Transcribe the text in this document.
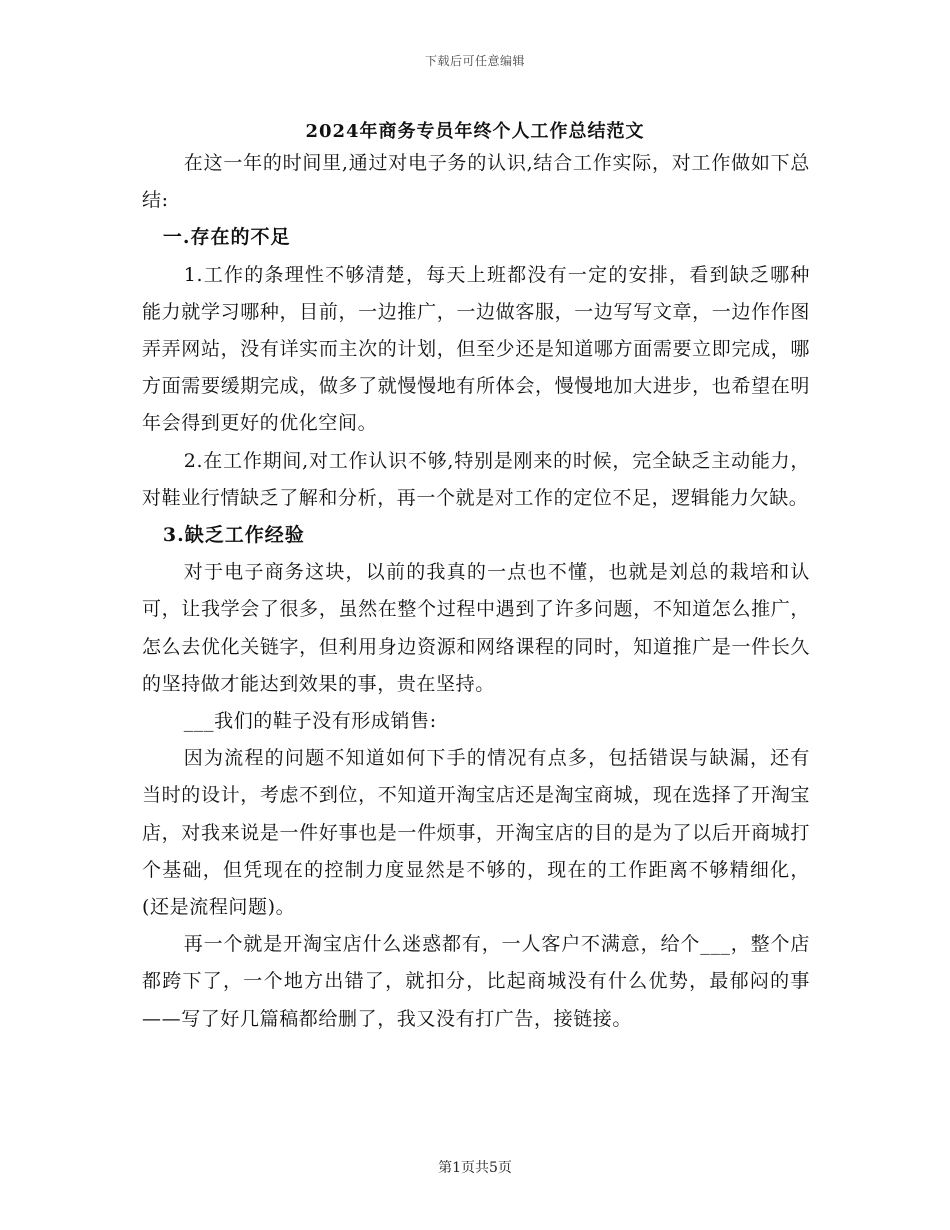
下载后可任意编辑
2024年商务专员年终个人工作总结范文

在这一年的时间里,通过对电子务的认识,结合工作实际，对工作做如下总结:

一.存在的不足

1.工作的条理性不够清楚，每天上班都没有一定的安排，看到缺乏哪种能力就学习哪种，目前，一边推广，一边做客服，一边写写文章，一边作作图弄弄网站，没有详实而主次的计划，但至少还是知道哪方面需要立即完成，哪方面需要缓期完成，做多了就慢慢地有所体会，慢慢地加大进步，也希望在明年会得到更好的优化空间。

2.在工作期间,对工作认识不够,特别是刚来的时候，完全缺乏主动能力，对鞋业行情缺乏了解和分析，再一个就是对工作的定位不足，逻辑能力欠缺。

3.缺乏工作经验

对于电子商务这块，以前的我真的一点也不懂，也就是刘总的栽培和认可，让我学会了很多，虽然在整个过程中遇到了许多问题，不知道怎么推广，怎么去优化关链字，但利用身边资源和网络课程的同时，知道推广是一件长久的坚持做才能达到效果的事，贵在坚持。

___我们的鞋子没有形成销售:

因为流程的问题不知道如何下手的情况有点多，包括错误与缺漏，还有当时的设计，考虑不到位，不知道开淘宝店还是淘宝商城，现在选择了开淘宝店，对我来说是一件好事也是一件烦事，开淘宝店的目的是为了以后开商城打个基础，但凭现在的控制力度显然是不够的，现在的工作距离不够精细化，(还是流程问题)。

再一个就是开淘宝店什么迷惑都有，一人客户不满意，给个___，整个店都跨下了，一个地方出错了，就扣分，比起商城没有什么优势，最郁闷的事——写了好几篇稿都给删了，我又没有打广告，接链接。

第1页共5页
